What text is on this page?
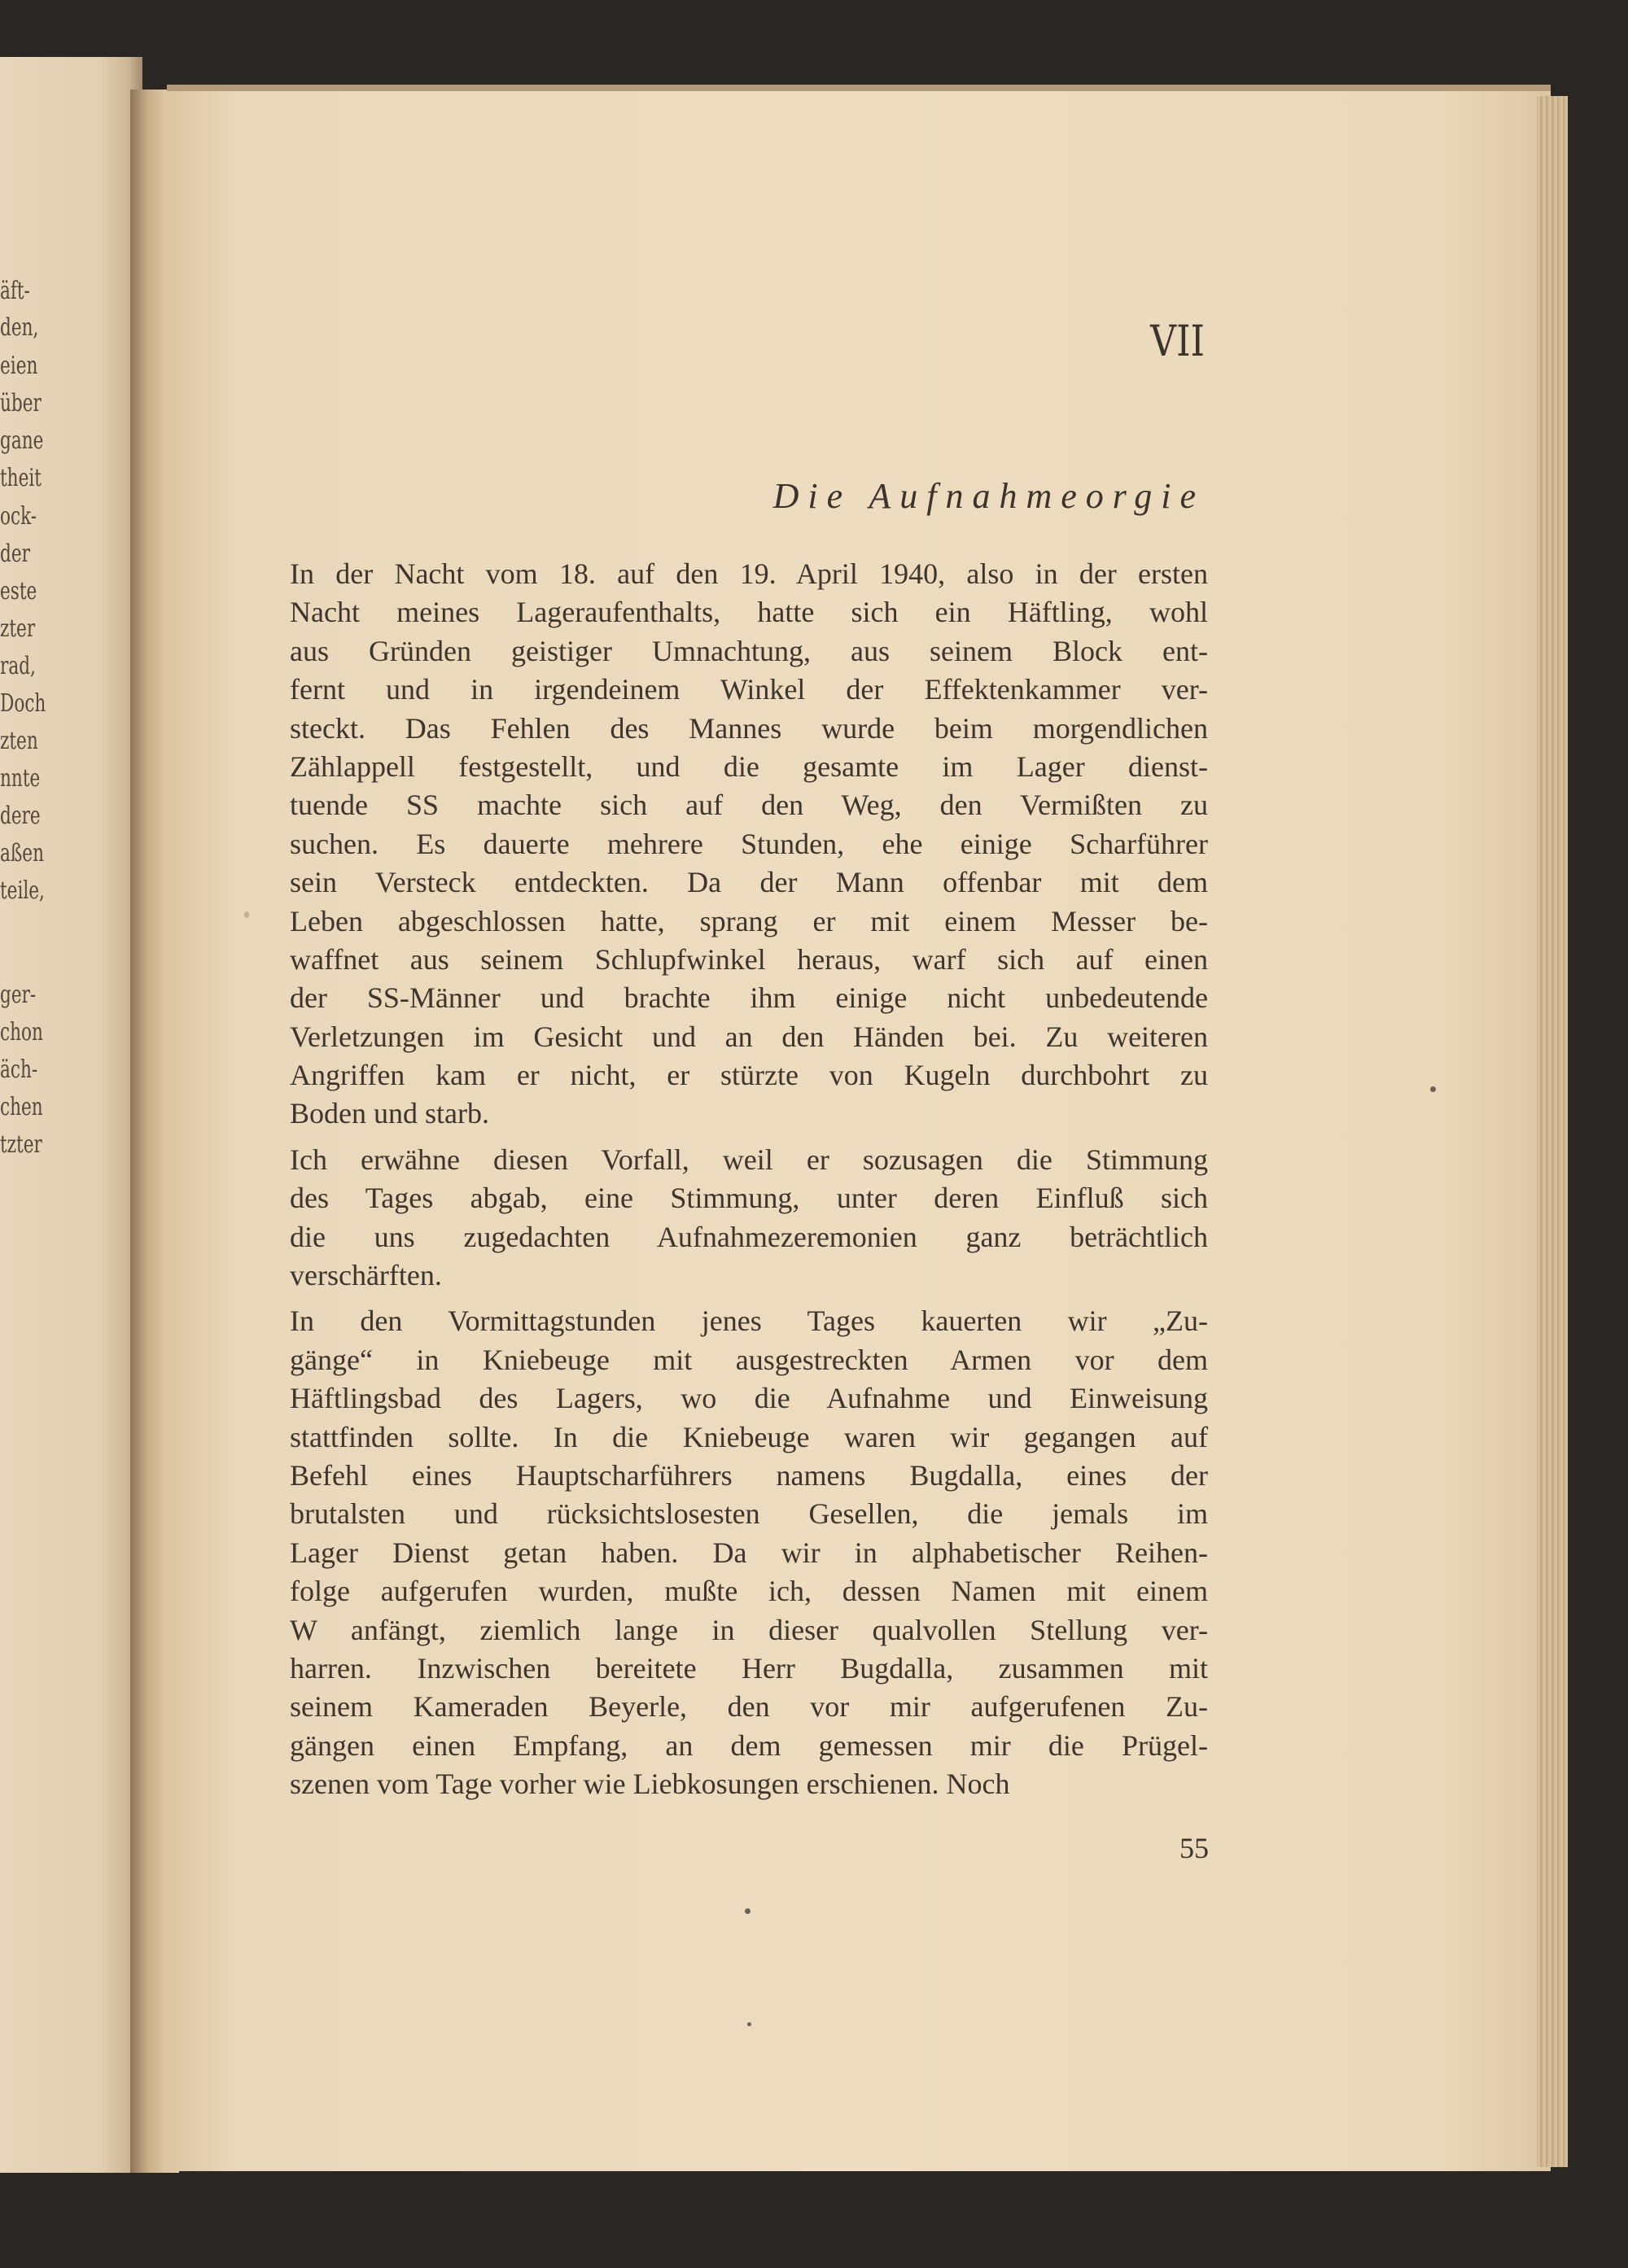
äft-
den,
eien
über
gane
theit
ock-
der
este
zter
rad,
Doch
zten
nnte
dere
aßen
teile,
ger-
chon
äch-
chen
tzter
VII
Die Aufnahmeorgie
In der Nacht vom 18. auf den 19. April 1940, also in der ersten
Nacht meines Lageraufenthalts, hatte sich ein Häftling, wohl
aus Gründen geistiger Umnachtung, aus seinem Block ent-
fernt und in irgendeinem Winkel der Effektenkammer ver-
steckt. Das Fehlen des Mannes wurde beim morgendlichen
Zählappell festgestellt, und die gesamte im Lager dienst-
tuende SS machte sich auf den Weg, den Vermißten zu
suchen. Es dauerte mehrere Stunden, ehe einige Scharführer
sein Versteck entdeckten. Da der Mann offenbar mit dem
Leben abgeschlossen hatte, sprang er mit einem Messer be-
waffnet aus seinem Schlupfwinkel heraus, warf sich auf einen
der SS-Männer und brachte ihm einige nicht unbedeutende
Verletzungen im Gesicht und an den Händen bei. Zu weiteren
Angriffen kam er nicht, er stürzte von Kugeln durchbohrt zu
Boden und starb.
Ich erwähne diesen Vorfall, weil er sozusagen die Stimmung
des Tages abgab, eine Stimmung, unter deren Einfluß sich
die uns zugedachten Aufnahmezeremonien ganz beträchtlich
verschärften.
In den Vormittagstunden jenes Tages kauerten wir „Zu-
gänge“ in Kniebeuge mit ausgestreckten Armen vor dem
Häftlingsbad des Lagers, wo die Aufnahme und Einweisung
stattfinden sollte. In die Kniebeuge waren wir gegangen auf
Befehl eines Hauptscharführers namens Bugdalla, eines der
brutalsten und rücksichtslosesten Gesellen, die jemals im
Lager Dienst getan haben. Da wir in alphabetischer Reihen-
folge aufgerufen wurden, mußte ich, dessen Namen mit einem
W anfängt, ziemlich lange in dieser qualvollen Stellung ver-
harren. Inzwischen bereitete Herr Bugdalla, zusammen mit
seinem Kameraden Beyerle, den vor mir aufgerufenen Zu-
gängen einen Empfang, an dem gemessen mir die Prügel-
szenen vom Tage vorher wie Liebkosungen erschienen. Noch
55
